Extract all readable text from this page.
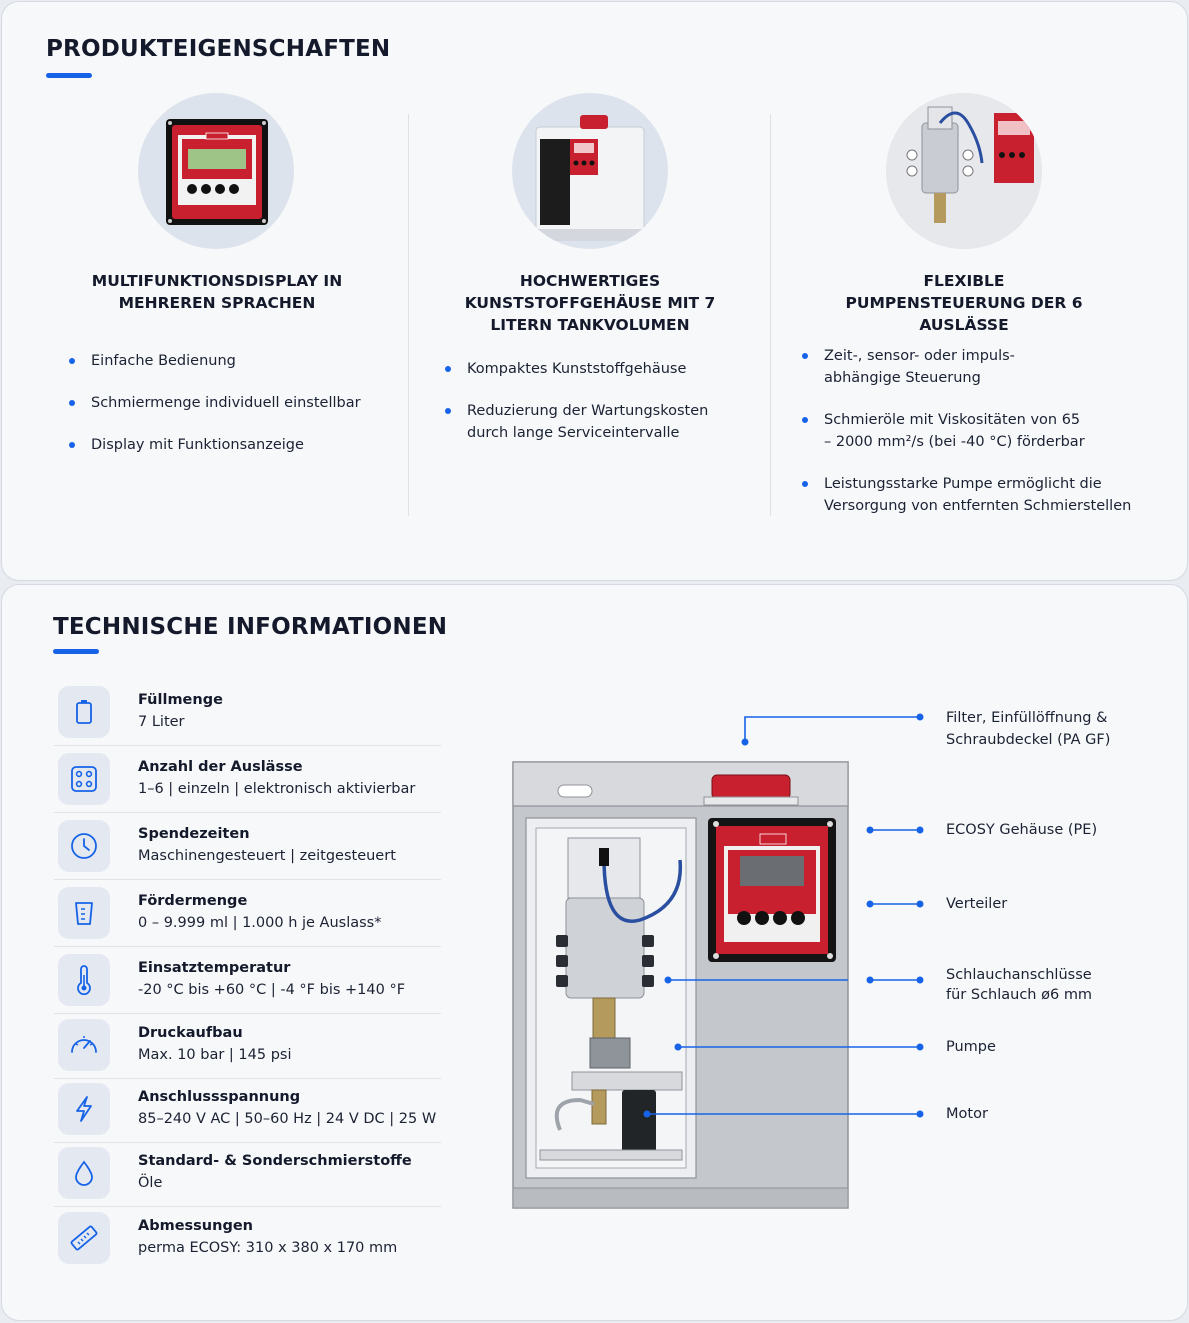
PRODUKTEIGENSCHAFTEN
MULTIFUNKTIONSDISPLAY IN MEHREREN SPRACHEN
Einfache Bedienung
Schmiermenge individuell einstellbar
Display mit Funktionsanzeige
HOCHWERTIGES KUNSTSTOFFGEHÄUSE MIT 7 LITERN TANKVOLUMEN
Kompaktes Kunststoffgehäuse
Reduzierung der Wartungskosten durch lange Serviceintervalle
FLEXIBLE PUMPENSTEUERUNG DER 6 AUSLÄSSE
Zeit-, sensor- oder impuls-abhängige Steuerung
Schmieröle mit Viskositäten von 65 – 2000 mm²/s (bei -40 °C) förderbar
Leistungsstarke Pumpe ermöglicht die Versorgung von entfernten Schmierstellen
TECHNISCHE INFORMATIONEN
Füllmenge
7 Liter
Anzahl der Auslässe
1–6 | einzeln | elektronisch aktivierbar
Spendezeiten
Maschinengesteuert | zeitgesteuert
Fördermenge
0 – 9.999 ml | 1.000 h je Auslass*
Einsatztemperatur
-20 °C bis +60 °C | -4 °F bis +140 °F
Druckaufbau
Max. 10 bar | 145 psi
Anschlussspannung
85–240 V AC | 50–60 Hz | 24 V DC | 25 W
Standard- & Sonderschmierstoffe
Öle
Abmessungen
perma ECOSY: 310 x 380 x 170 mm
Filter, Einfüllöffnung &
Schraubdeckel (PA GF)
ECOSY Gehäuse (PE)
Verteiler
Schlauchanschlüsse
für Schlauch ø6 mm
Pumpe
Motor
